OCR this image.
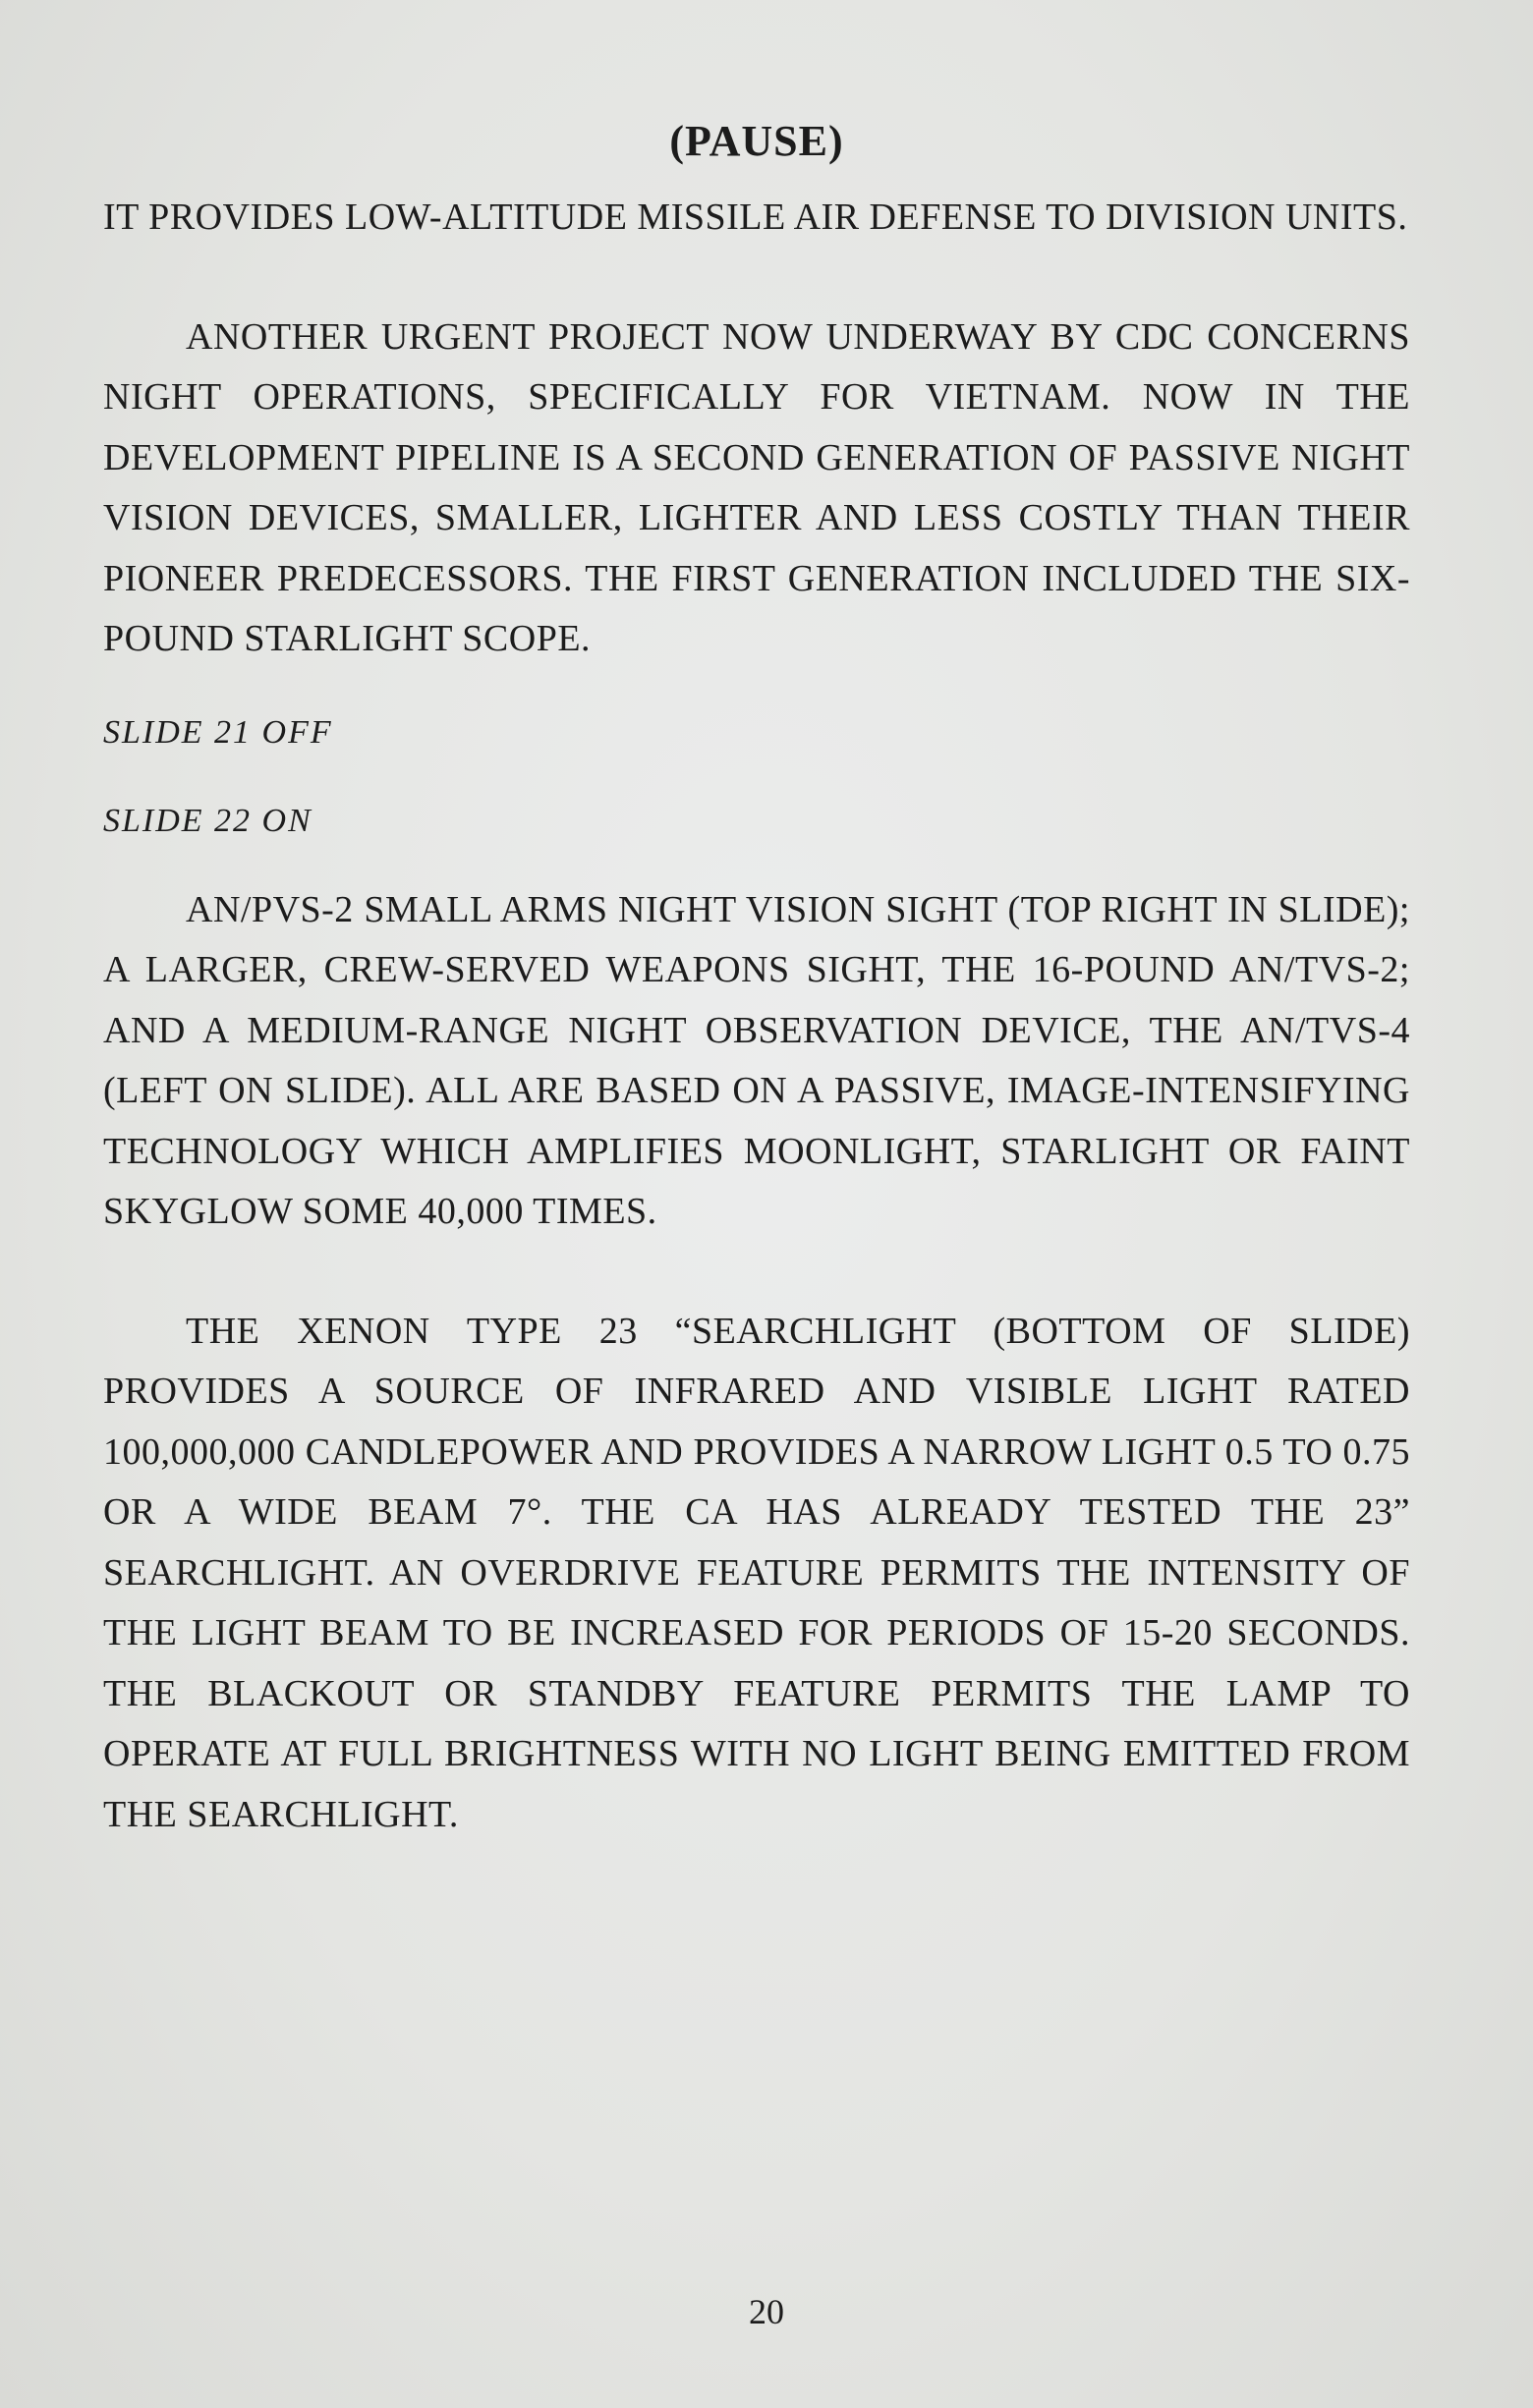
(PAUSE)

IT PROVIDES LOW-ALTITUDE MISSILE AIR DEFENSE TO DIVISION UNITS.

ANOTHER URGENT PROJECT NOW UNDERWAY BY CDC CONCERNS NIGHT OPERATIONS, SPECIFICALLY FOR VIETNAM. NOW IN THE DEVELOPMENT PIPELINE IS A SECOND GENERATION OF PASSIVE NIGHT VISION DEVICES, SMALLER, LIGHTER AND LESS COSTLY THAN THEIR PIONEER PREDECESSORS. THE FIRST GENERATION INCLUDED THE SIX-POUND STARLIGHT SCOPE.

SLIDE 21 OFF

SLIDE 22 ON

AN/PVS-2 SMALL ARMS NIGHT VISION SIGHT (TOP RIGHT IN SLIDE); A LARGER, CREW-SERVED WEAPONS SIGHT, THE 16-POUND AN/TVS-2; AND A MEDIUM-RANGE NIGHT OBSERVATION DEVICE, THE AN/TVS-4 (LEFT ON SLIDE). ALL ARE BASED ON A PASSIVE, IMAGE-INTENSIFYING TECHNOLOGY WHICH AMPLIFIES MOONLIGHT, STARLIGHT OR FAINT SKYGLOW SOME 40,000 TIMES.

THE XENON TYPE 23 “SEARCHLIGHT (BOTTOM OF SLIDE) PROVIDES A SOURCE OF INFRARED AND VISIBLE LIGHT RATED 100,000,000 CANDLEPOWER AND PROVIDES A NARROW LIGHT 0.5 TO 0.75 OR A WIDE BEAM 7°. THE CA HAS ALREADY TESTED THE 23” SEARCHLIGHT. AN OVERDRIVE FEATURE PERMITS THE INTENSITY OF THE LIGHT BEAM TO BE INCREASED FOR PERIODS OF 15-20 SECONDS. THE BLACKOUT OR STANDBY FEATURE PERMITS THE LAMP TO OPERATE AT FULL BRIGHTNESS WITH NO LIGHT BEING EMITTED FROM THE SEARCHLIGHT.

20
